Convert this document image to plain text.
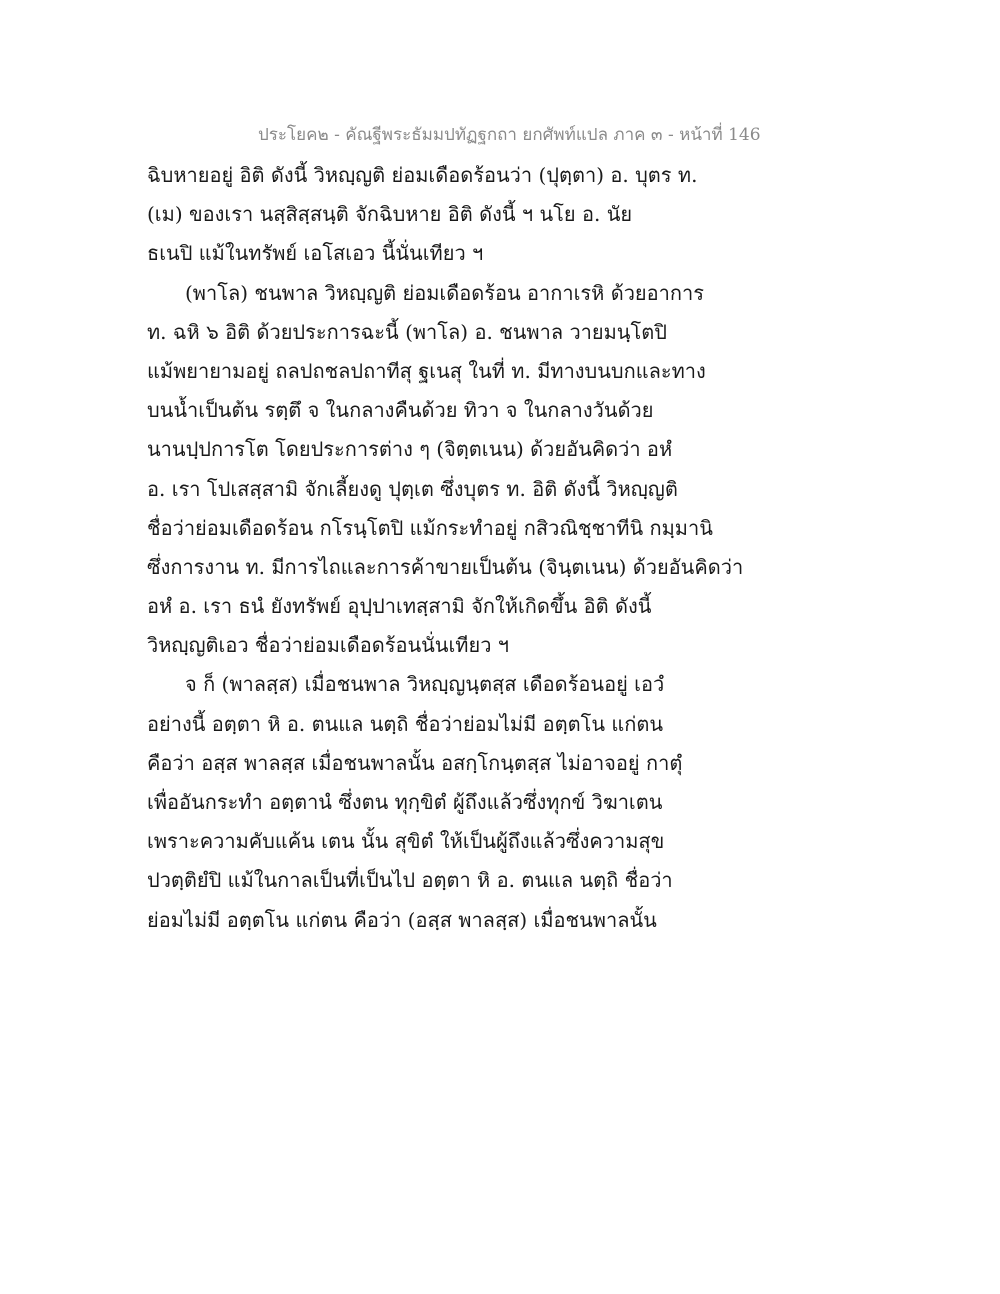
ประโยค๒ - คัณฐีพระธัมมปทัฏฐกถา ยกศัพท์แปล ภาค ๓ - หน้าที่ 146
ฉิบหายอยู่ อิติ ดังนี้ วิหญฺญติ ย่อมเดือดร้อนว่า (ปุตฺตา) อ. บุตร ท.
(เม) ของเรา นสฺสิสฺสนฺติ จักฉิบหาย อิติ ดังนี้ ฯ นโย อ. นัย
ธเนปิ แม้ในทรัพย์ เอโสเอว นี้นั่นเทียว ฯ
(พาโล) ชนพาล วิหญฺญติ ย่อมเดือดร้อน อากาเรหิ ด้วยอาการ
ท. ฉหิ ๖ อิติ ด้วยประการฉะนี้ (พาโล) อ. ชนพาล วายมนฺโตปิ
แม้พยายามอยู่ ถลปถชลปถาทีสุ ฐเนสุ ในที่ ท. มีทางบนบกและทาง
บนน้ำเป็นต้น รตฺตึ จ ในกลางคืนด้วย ทิวา จ ในกลางวันด้วย
นานปฺปการโต โดยประการต่าง ๆ (จิตฺตเนน) ด้วยอันคิดว่า อหํ
อ. เรา โปเสสฺสามิ จักเลี้ยงดู ปุตฺเต ซึ่งบุตร ท. อิติ ดังนี้ วิหญฺญติ
ชื่อว่าย่อมเดือดร้อน กโรนฺโตปิ แม้กระทำอยู่ กสิวณิชฺชาทีนิ กมฺมานิ
ซึ่งการงาน ท. มีการไถและการค้าขายเป็นต้น (จินฺตเนน) ด้วยอันคิดว่า
อหํ อ. เรา ธนํ ยังทรัพย์ อุปฺปาเทสฺสามิ จักให้เกิดขึ้น อิติ ดังนี้
วิหญฺญติเอว ชื่อว่าย่อมเดือดร้อนนั่นเทียว ฯ
จ ก็ (พาลสฺส) เมื่อชนพาล วิหญฺญนฺตสฺส เดือดร้อนอยู่ เอวํ
อย่างนี้ อตฺตา หิ อ. ตนแล นตฺถิ ชื่อว่าย่อมไม่มี อตฺตโน แก่ตน
คือว่า อสฺส พาลสฺส เมื่อชนพาลนั้น อสกฺโกนฺตสฺส ไม่อาจอยู่ กาตุํ
เพื่ออันกระทำ อตฺตานํ ซึ่งตน ทุกฺขิตํ ผู้ถึงแล้วซึ่งทุกข์ วิฆาเตน
เพราะความคับแค้น เตน นั้น สุขิตํ ให้เป็นผู้ถึงแล้วซึ่งความสุข
ปวตฺติยํปิ แม้ในกาลเป็นที่เป็นไป อตฺตา หิ อ. ตนแล นตฺถิ ชื่อว่า
ย่อมไม่มี อตฺตโน แก่ตน คือว่า (อสฺส พาลสฺส) เมื่อชนพาลนั้น
